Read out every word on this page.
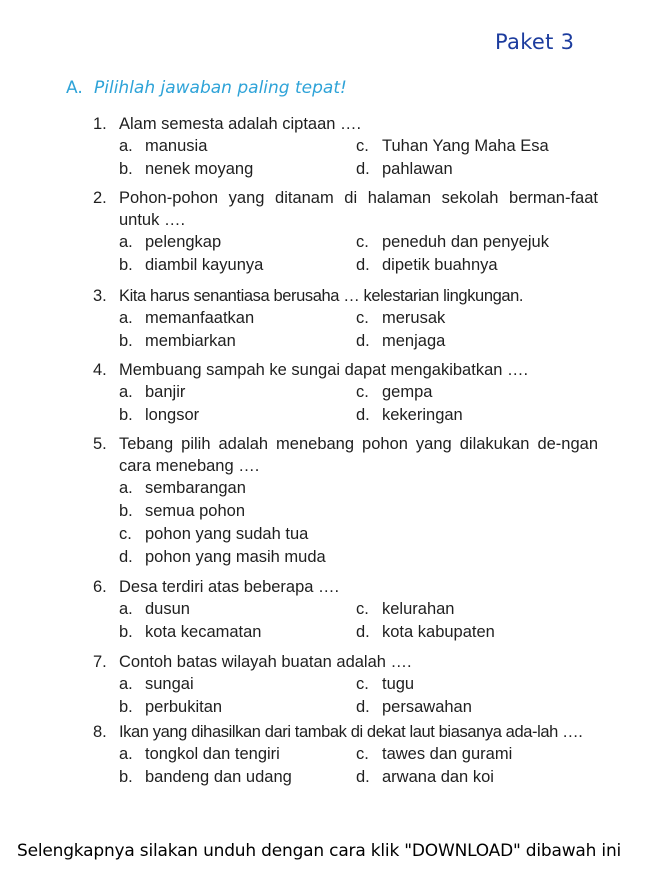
Paket 3
A. Pilihlah jawaban paling tepat!
1. Alam semesta adalah ciptaan ….
a. manusia	c. Tuhan Yang Maha Esa
b. nenek moyang	d. pahlawan
2. Pohon-pohon yang ditanam di halaman sekolah berman-faat untuk ….
a. pelengkap	c. peneduh dan penyejuk
b. diambil kayunya	d. dipetik buahnya
3. Kita harus senantiasa berusaha … kelestarian lingkungan.
a. memanfaatkan	c. merusak
b. membiarkan	d. menjaga
4. Membuang sampah ke sungai dapat mengakibatkan ….
a. banjir	c. gempa
b. longsor	d. kekeringan
5. Tebang pilih adalah menebang pohon yang dilakukan de-ngan cara menebang ….
a. sembarangan
b. semua pohon
c. pohon yang sudah tua
d. pohon yang masih muda
6. Desa terdiri atas beberapa ….
a. dusun	c. kelurahan
b. kota kecamatan	d. kota kabupaten
7. Contoh batas wilayah buatan adalah ….
a. sungai	c. tugu
b. perbukitan	d. persawahan
8. Ikan yang dihasilkan dari tambak di dekat laut biasanya ada-lah ….
a. tongkol dan tengiri	c. tawes dan gurami
b. bandeng dan udang	d. arwana dan koi
Selengkapnya silakan unduh dengan cara klik "DOWNLOAD" dibawah ini
